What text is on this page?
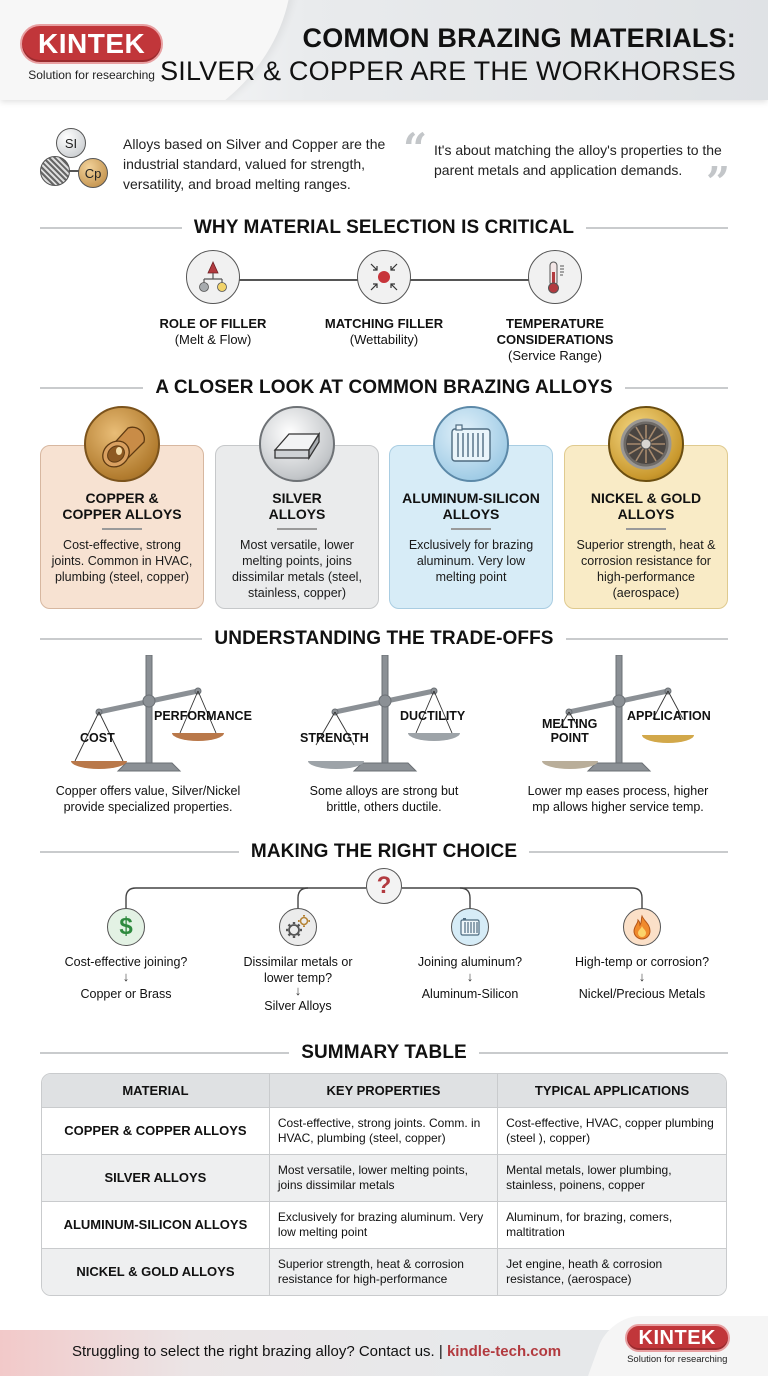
KINTEK
Solution for researching
COMMON BRAZING MATERIALS:
SILVER & COPPER ARE THE WORKHORSES
SI
Cp
Alloys based on Silver and Copper are the industrial standard, valued for strength, versatility, and broad melting ranges.
“ It's about matching the alloy's properties to the parent metals and application demands. ”
WHY MATERIAL SELECTION IS CRITICAL
ROLE OF FILLER
(Melt & Flow)
MATCHING FILLER
(Wettability)
TEMPERATURE
CONSIDERATIONS
(Service Range)
A CLOSER LOOK AT COMMON BRAZING ALLOYS
COPPER &
COPPER ALLOYS

Cost-effective, strong joints. Common in HVAC, plumbing (steel, copper)

SILVER
ALLOYS

Most versatile, lower melting points, joins dissimilar metals (steel, stainless, copper)

ALUMINUM-SILICON
ALLOYS

Exclusively for brazing aluminum. Very low melting point

NICKEL & GOLD
ALLOYS

Superior strength, heat & corrosion resistance for high-performance (aerospace)

UNDERSTANDING THE TRADE-OFFS
COST
PERFORMANCE
Copper offers value, Silver/Nickel
provide specialized properties.
STRENGTH
DUCTILITY
Some alloys are strong but
brittle, others ductile.
MELTING
POINT
APPLICATION
Lower mp eases process, higher
mp allows higher service temp.
MAKING THE RIGHT CHOICE
?
$
Cost-effective joining?
↓
Copper or Brass
Dissimilar metals or
lower temp?
↓
Silver Alloys
Joining aluminum?
↓
Aluminum-Silicon
High-temp or corrosion?
↓
Nickel/Precious Metals
SUMMARY TABLE
MATERIAL	KEY PROPERTIES	TYPICAL APPLICATIONS
COPPER & COPPER ALLOYS	Cost-effective, strong joints. Comm. in HVAC, plumbing (steel, copper)	Cost-effective, HVAC, copper plumbing (steel ), copper)
SILVER ALLOYS	Most versatile, lower melting points, joins dissimilar metals	Mental metals, lower plumbing, stainless, poinens, copper
ALUMINUM-SILICON ALLOYS	Exclusively for brazing aluminum. Very low melting point	Aluminum, for brazing, comers, maltitration
NICKEL & GOLD ALLOYS	Superior strength, heat & corrosion resistance for high-performance	Jet engine, heath & corrosion resistance, (aerospace)
Struggling to select the right brazing alloy? Contact us. | kindle-tech.com
KINTEK
Solution for researching
